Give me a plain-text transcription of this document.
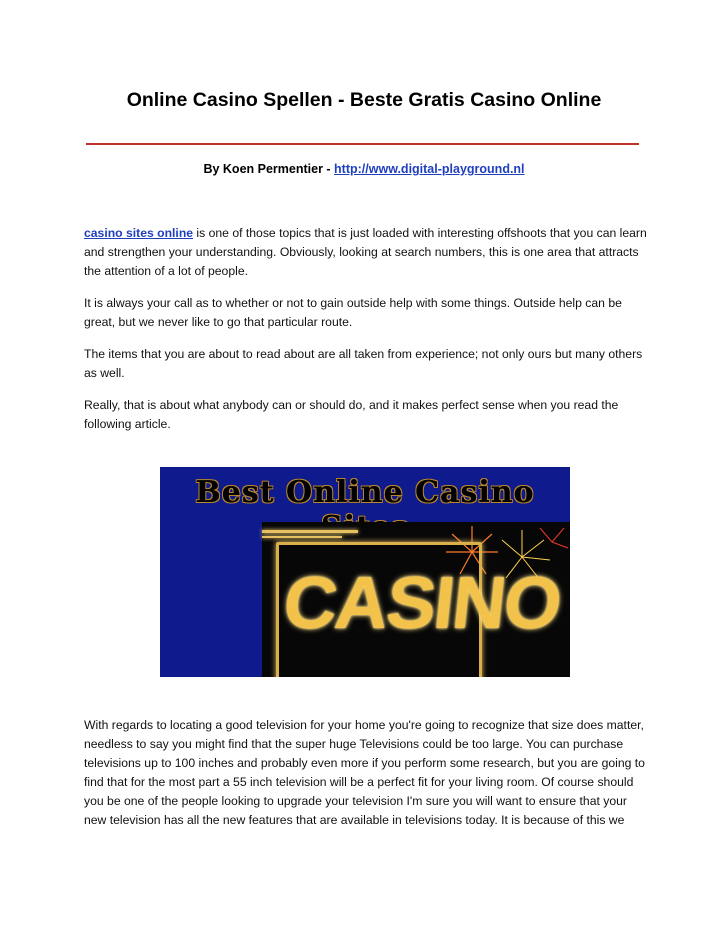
Online Casino Spellen - Beste Gratis Casino Online
By Koen Permentier - http://www.digital-playground.nl

casino sites online is one of those topics that is just loaded with interesting offshoots that you can learn and strengthen your understanding. Obviously, looking at search numbers, this is one area that attracts the attention of a lot of people.

It is always your call as to whether or not to gain outside help with some things. Outside help can be great, but we never like to go that particular route.

The items that you are about to read about are all taken from experience; not only ours but many others as well.

Really, that is about what anybody can or should do, and it makes perfect sense when you read the following article.

Best Online Casino
CASINO

With regards to locating a good television for your home you're going to recognize that size does matter, needless to say you might find that the super huge Televisions could be too large. You can purchase televisions up to 100 inches and probably even more if you perform some research, but you are going to find that for the most part a 55 inch television will be a perfect fit for your living room. Of course should you be one of the people looking to upgrade your television I'm sure you will want to ensure that your new television has all the new features that are available in televisions today. It is because of this we
